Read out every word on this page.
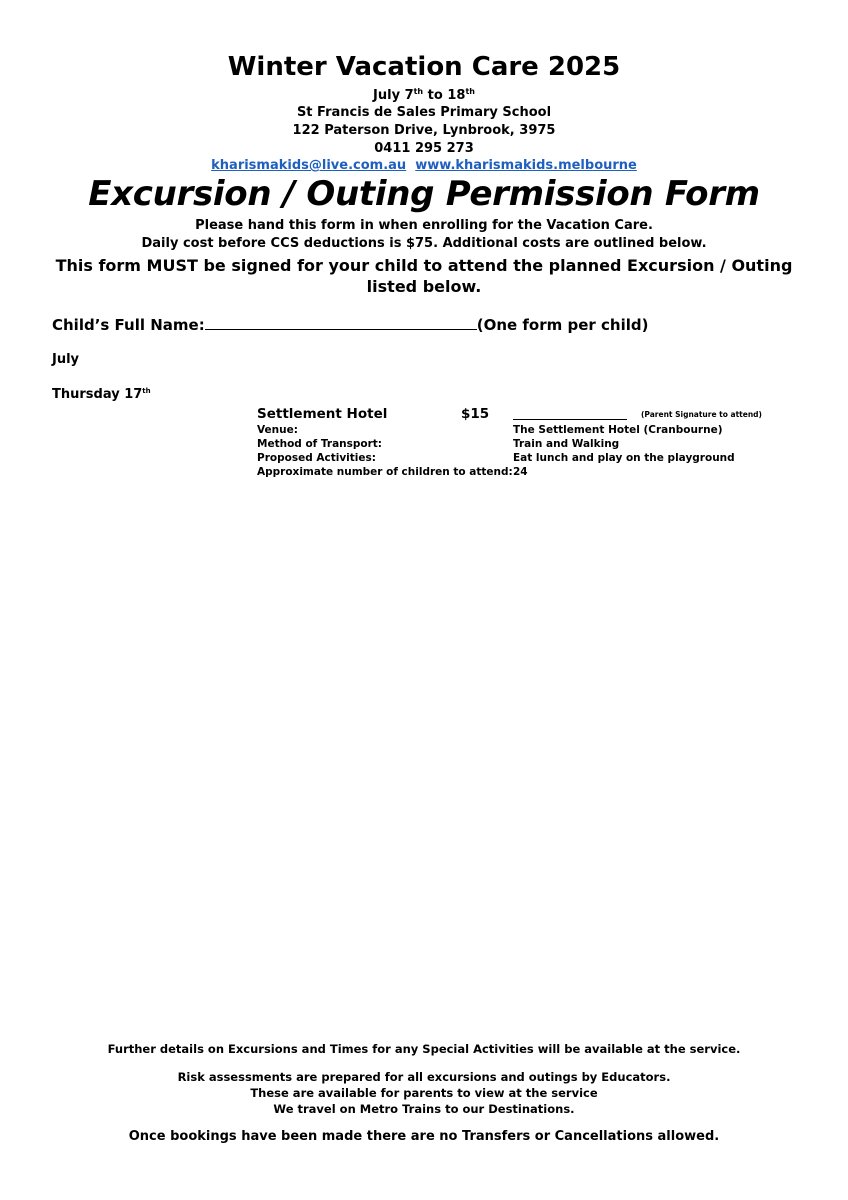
Winter Vacation Care 2025
July 7th to 18th
St Francis de Sales Primary School
122 Paterson Drive, Lynbrook, 3975
0411 295 273
kharismakids@live.com.au www.kharismakids.melbourne
Excursion / Outing Permission Form
Please hand this form in when enrolling for the Vacation Care.
Daily cost before CCS deductions is $75. Additional costs are outlined below.
This form MUST be signed for your child to attend the planned Excursion / Outing listed below.
Child’s Full Name:	(One form per child)
July
Thursday 17th
Settlement Hotel	$15	(Parent Signature to attend)
Venue:	The Settlement Hotel (Cranbourne)
Method of Transport:	Train and Walking
Proposed Activities:	Eat lunch and play on the playground
Approximate number of children to attend: 24
Further details on Excursions and Times for any Special Activities will be available at the service.
Risk assessments are prepared for all excursions and outings by Educators.
These are available for parents to view at the service
We travel on Metro Trains to our Destinations.
Once bookings have been made there are no Transfers or Cancellations allowed.
